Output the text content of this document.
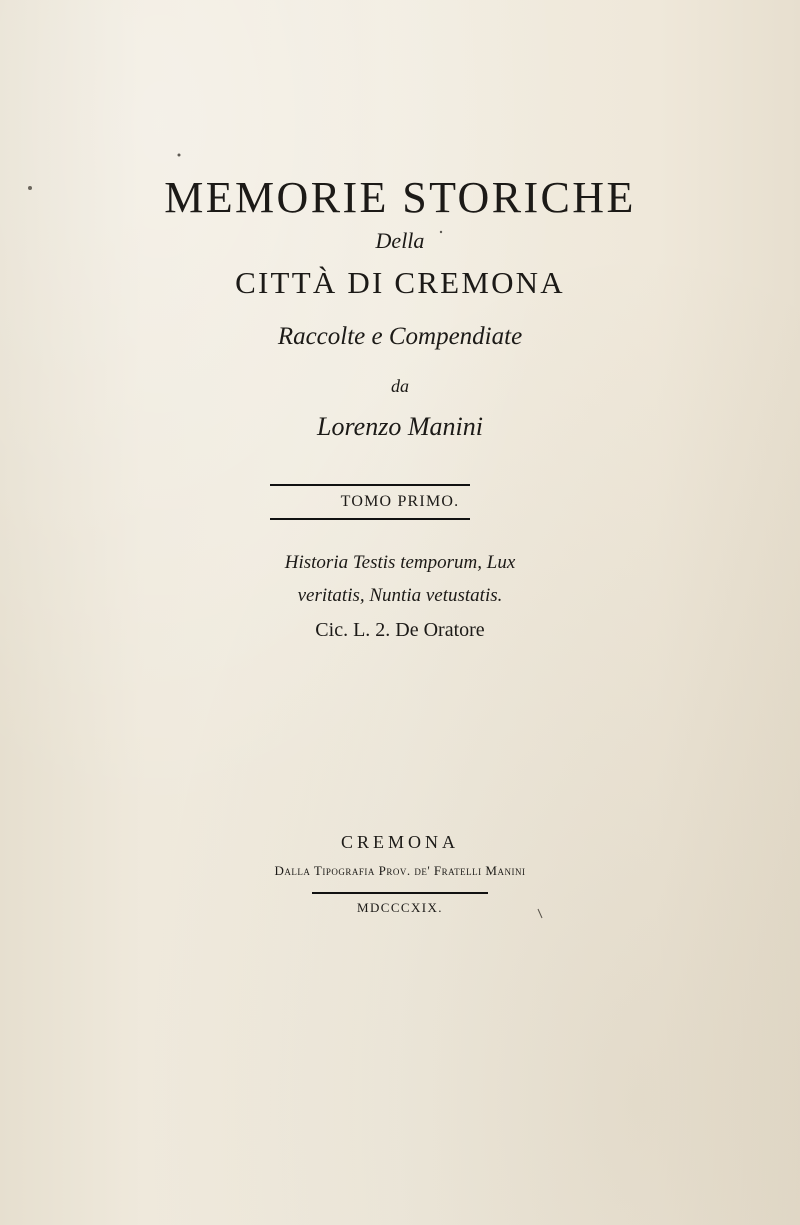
MEMORIE STORICHE
Della
CITTÀ DI CREMONA
Raccolte e Compendiate
da
Lorenzo Manini
TOMO PRIMO.
Historia Testis temporum, Lux
veritatis, Nuntia vetustatis.
Cic. L. 2. De Oratore
CREMONA
Dalla Tipografia Prov. de' Fratelli Manini
MDCCCXIX.
